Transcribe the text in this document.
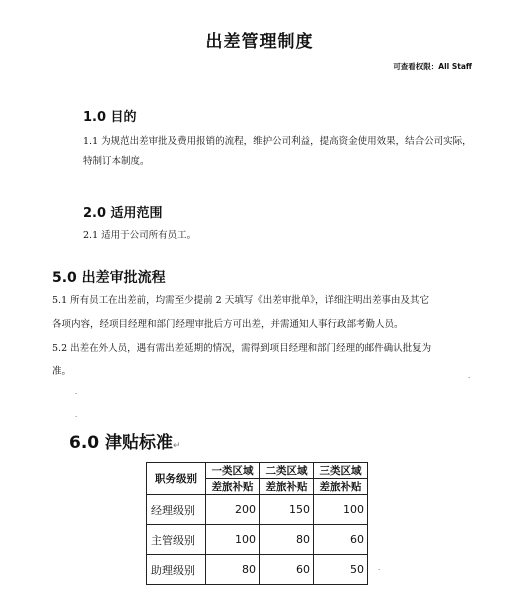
出差管理制度
可查看权限：All Staff
1.0 目的
1.1 为规范出差审批及费用报销的流程，维护公司利益，提高资金使用效果，结合公司实际，
特制订本制度。
2.0 适用范围
2.1 适用于公司所有员工。
5.0 出差审批流程
5.1 所有员工在出差前，均需至少提前 2 天填写《出差审批单》，详细注明出差事由及其它
各项内容，经项目经理和部门经理审批后方可出差，并需通知人事行政部考勤人员。
5.2 出差在外人员，遇有需出差延期的情况，需得到项目经理和部门经理的邮件确认批复为
准。	.
.
.
6.0 津贴标准↵
职务级别	一类区域	二类区域	三类区域
	差旅补贴	差旅补贴	差旅补贴
经理级别	200	150	100
主管级别	100	80	60
助理级别	80	60	50 .
